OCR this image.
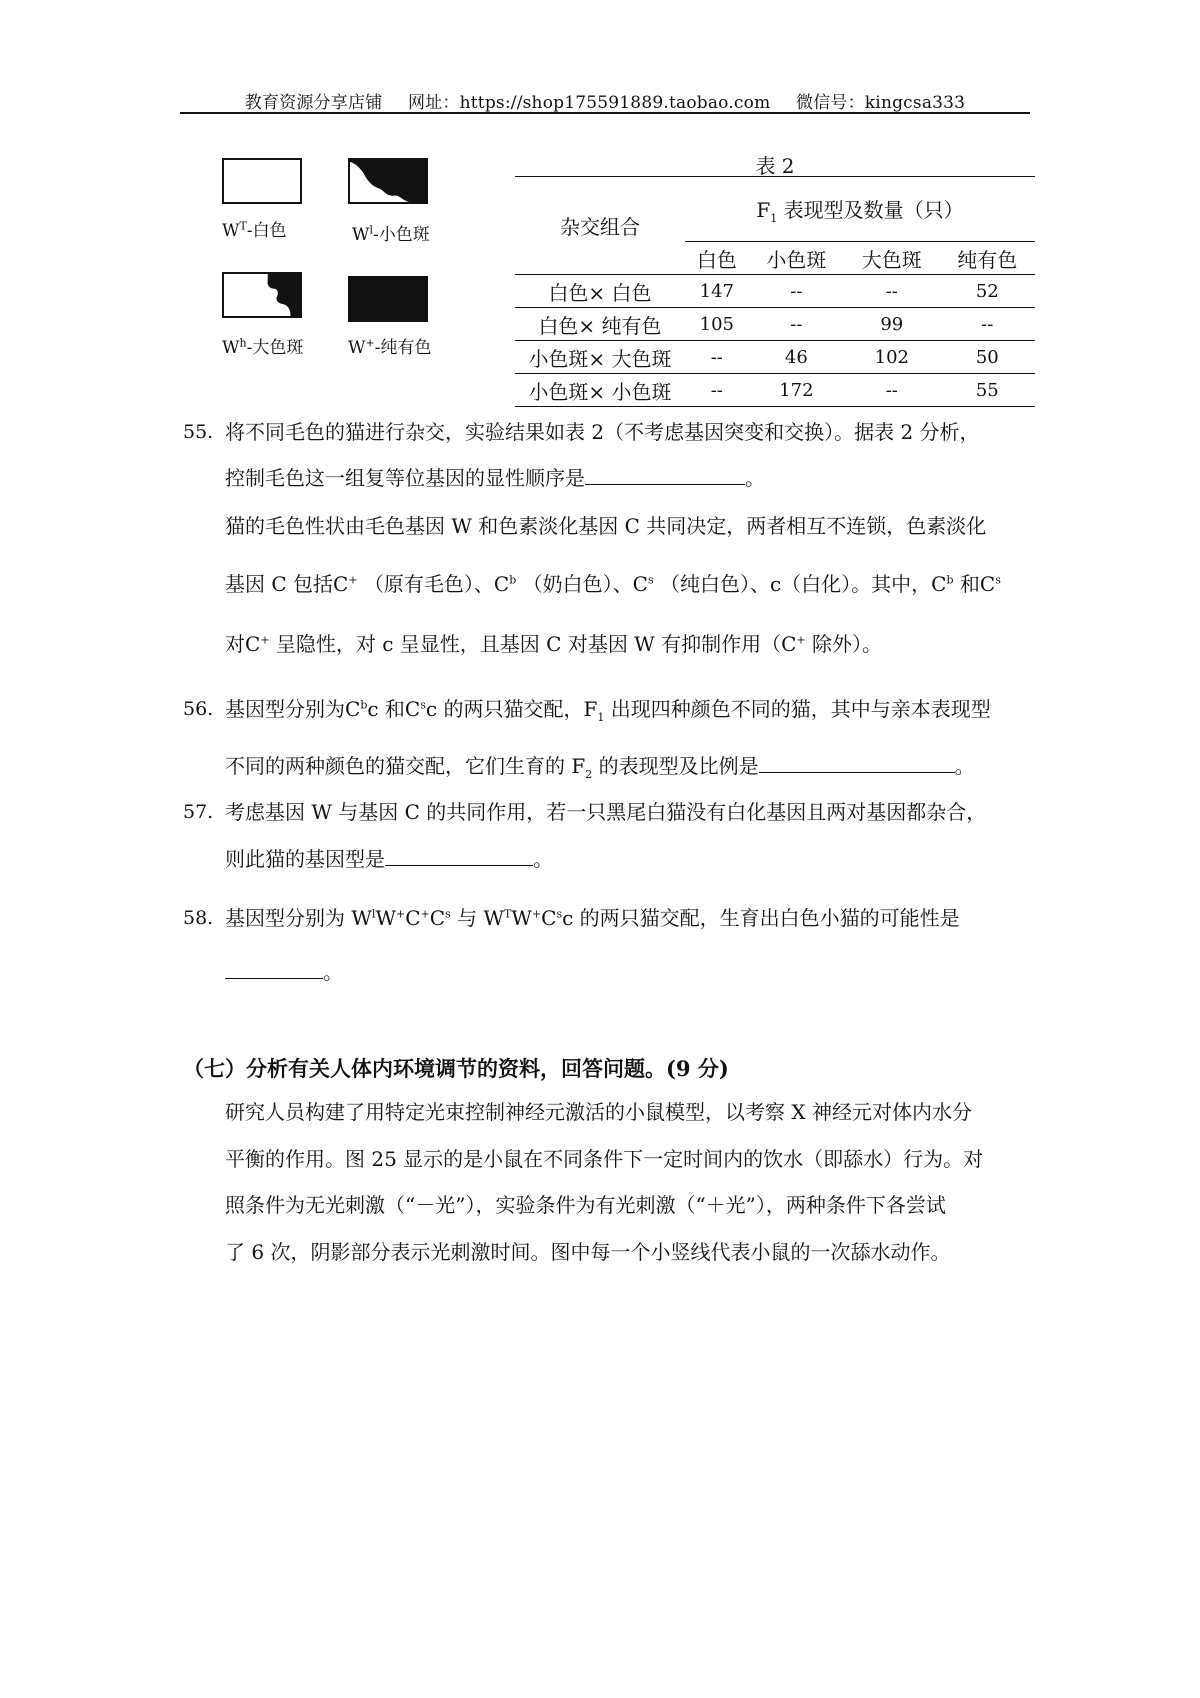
教育资源分享店铺 网址：https://shop175591889.taobao.com 微信号：kingcsa333
$W^T-$白色	$W^l-$小色斑
$W^h-$大色斑	W+-纯有色
表 2
杂交组合	$F_1$ 表现型及数量（只）			
	白色	小色斑	大色斑	纯有色
白色× 白色	147	--	--	52
白色× 纯有色	105	--	99	--
小色斑× 大色斑	--	46	102	50
小色斑× 小色斑	--	172	--	55
55. 将不同毛色的猫进行杂交，实验结果如表 2（不考虑基因突变和交换）。据表 2 分析，
控制毛色这一组复等位基因的显性顺序是	。
猫的毛色性状由毛色基因 W 和色素淡化基因 C 共同决定，两者相互不连锁，色素淡化
基因 C 包括C+ （原有毛色）、$C^b$ （奶白色）、$C^s$ （纯白色）、c（白化）。其中，$C^b$ 和$C^s$
对C+ 呈隐性，对 c 呈显性，且基因 C 对基因 W 有抑制作用（C+ 除外）。
56. 基因型分别为$C^bc$ 和$C^sc$ 的两只猫交配，$F_1$ 出现四种颜色不同的猫，其中与亲本表现型
不同的两种颜色的猫交配，它们生育的 $F_2$ 的表现型及比例是	。
57. 考虑基因 W 与基因 C 的共同作用，若一只黑尾白猫没有白化基因且两对基因都杂合，
则此猫的基因型是	。
58. 基因型分别为 $W^lW^+C^+C^s$ 与 $W^TW^+C^sc$ 的两只猫交配，生育出白色小猫的可能性是
。
（七）分析有关人体内环境调节的资料，回答问题。(9 分)
研究人员构建了用特定光束控制神经元激活的小鼠模型，以考察 X 神经元对体内水分
平衡的作用。图 25 显示的是小鼠在不同条件下一定时间内的饮水（即舔水）行为。对
照条件为无光刺激（“－光”），实验条件为有光刺激（“＋光”），两种条件下各尝试
了 6 次，阴影部分表示光刺激时间。图中每一个小竖线代表小鼠的一次舔水动作。
